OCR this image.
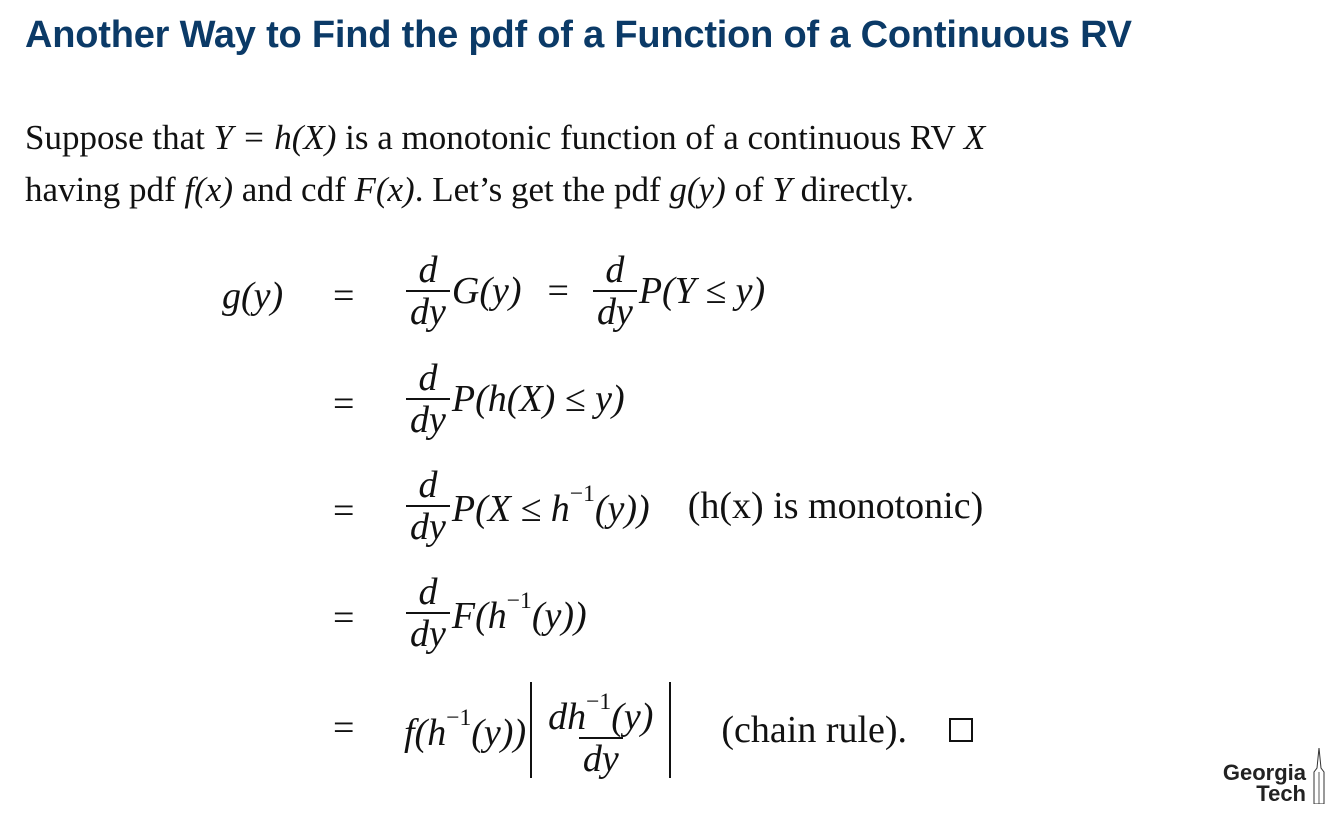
Another Way to Find the pdf of a Function of a Continuous RV
Suppose that Y = h(X) is a monotonic function of a continuous RV X
having pdf f(x) and cdf F(x). Let’s get the pdf g(y) of Y directly.
$g(y) = \frac{d}{dy} G(y) = \frac{d}{dy} P(Y \le y)$
= $\frac{d}{dy} P(h(X) \le y)$
= $\frac{d}{dy} P(X \le h^{-1}(y))$ (h(x) is monotonic)
= $\frac{d}{dy} F(h^{-1}(y))$
= $f(h^{-1}(y)) \frac{dh^{-1}(y)}{dy}$ (chain rule).
Georgia
Tech
